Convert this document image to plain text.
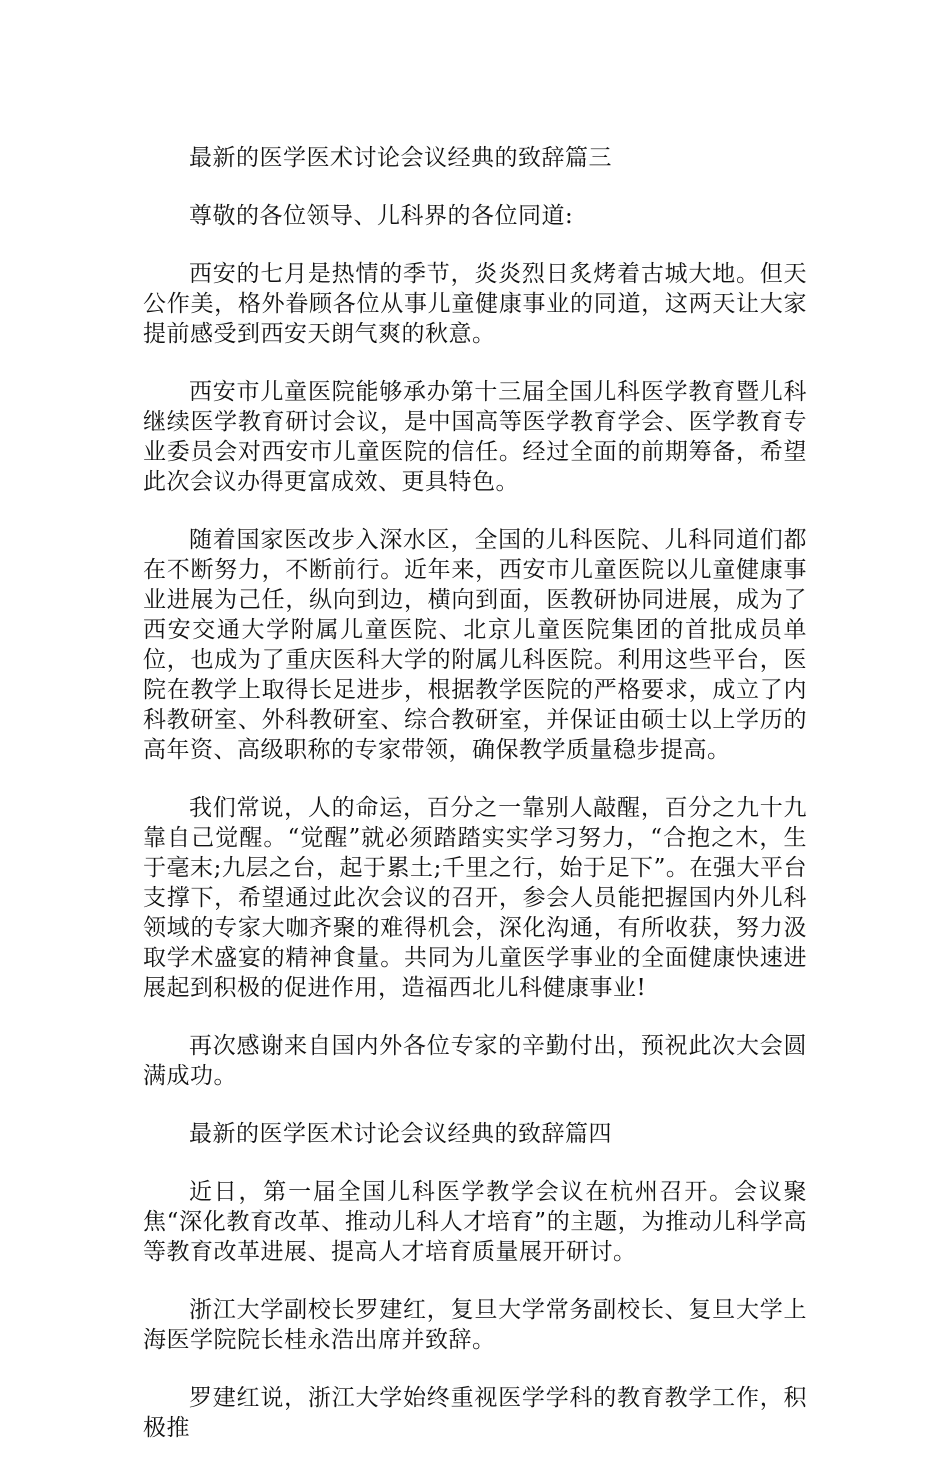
最新的医学医术讨论会议经典的致辞篇三

尊敬的各位领导、儿科界的各位同道:

西安的七月是热情的季节，炎炎烈日炙烤着古城大地。但天公作美，格外眷顾各位从事儿童健康事业的同道，这两天让大家提前感受到西安天朗气爽的秋意。

西安市儿童医院能够承办第十三届全国儿科医学教育暨儿科继续医学教育研讨会议，是中国高等医学教育学会、医学教育专业委员会对西安市儿童医院的信任。经过全面的前期筹备，希望此次会议办得更富成效、更具特色。

随着国家医改步入深水区，全国的儿科医院、儿科同道们都在不断努力，不断前行。近年来，西安市儿童医院以儿童健康事业进展为己任，纵向到边，横向到面，医教研协同进展，成为了西安交通大学附属儿童医院、北京儿童医院集团的首批成员单位，也成为了重庆医科大学的附属儿科医院。利用这些平台，医院在教学上取得长足进步，根据教学医院的严格要求，成立了内科教研室、外科教研室、综合教研室，并保证由硕士以上学历的高年资、高级职称的专家带领，确保教学质量稳步提高。

我们常说，人的命运，百分之一靠别人敲醒，百分之九十九靠自己觉醒。“觉醒”就必须踏踏实实学习努力，“合抱之木，生于毫末;九层之台，起于累土;千里之行，始于足下”。在强大平台支撑下，希望通过此次会议的召开，参会人员能把握国内外儿科领域的专家大咖齐聚的难得机会，深化沟通，有所收获，努力汲取学术盛宴的精神食量。共同为儿童医学事业的全面健康快速进展起到积极的促进作用，造福西北儿科健康事业!

再次感谢来自国内外各位专家的辛勤付出，预祝此次大会圆满成功。

最新的医学医术讨论会议经典的致辞篇四

近日，第一届全国儿科医学教学会议在杭州召开。会议聚焦“深化教育改革、推动儿科人才培育”的主题，为推动儿科学高等教育改革进展、提高人才培育质量展开研讨。

浙江大学副校长罗建红，复旦大学常务副校长、复旦大学上海医学院院长桂永浩出席并致辞。

罗建红说，浙江大学始终重视医学学科的教育教学工作，积极推
